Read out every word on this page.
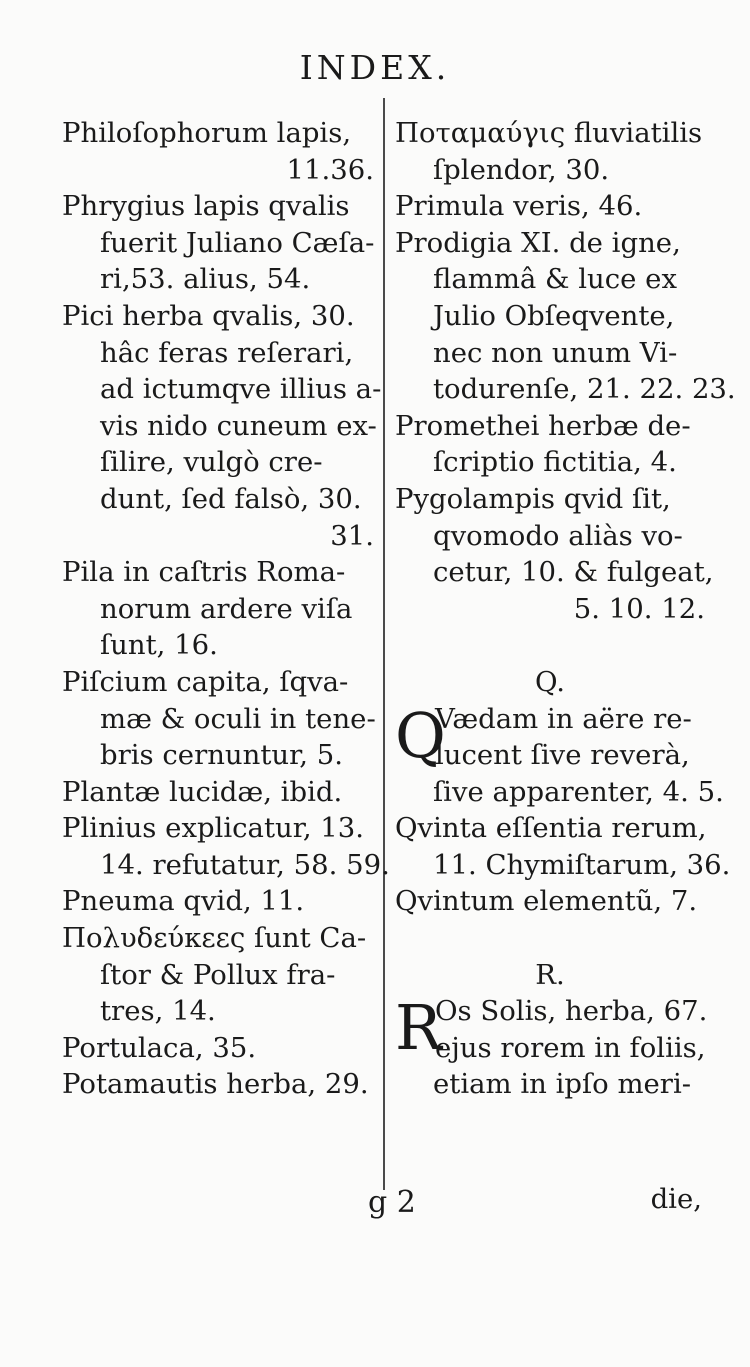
INDEX.
Philoſophorum lapis,
11.36.
Phrygius lapis qvalis
fuerit Juliano Cæſa-
ri,53. alius, 54.
Pici herba qvalis, 30.
hâc feras reſerari,
ad ictumqve illius a-
vis nido cuneum ex-
ſilire, vulgò cre-
dunt, ſed falsò, 30.
31.
Pila in caſtris Roma-
norum ardere viſa
ſunt, 16.
Piſcium capita, ſqva-
mæ & oculi in tene-
bris cernuntur, 5.
Plantæ lucidæ, ibid.
Plinius explicatur, 13.
14. refutatur, 58. 59.
Pneuma qvid, 11.
Πολυδεύκεες ſunt Ca-
ſtor & Pollux fra-
tres, 14.
Portulaca, 35.
Potamautis herba, 29.
Ποταμαύγις fluviatilis
ſplendor, 30.
Primula veris, 46.
Prodigia XI. de igne,
flammâ & luce ex
Julio Obſeqvente,
nec non unum Vi-
todurenſe, 21. 22. 23.
Promethei herbæ de-
ſcriptio fictitia, 4.
Pygolampis qvid ſit,
qvomodo aliàs vo-
cetur, 10. & fulgeat,
5. 10. 12.
Q.
Q
Vædam in aëre re-
lucent ſive reverà,
ſive apparenter, 4. 5.
Qvinta eſſentia rerum,
11. Chymiſtarum, 36.
Qvintum elementũ, 7.
R.
R
Os Solis, herba, 67.
ejus rorem in foliis,
etiam in ipſo meri-
g 2	die,
